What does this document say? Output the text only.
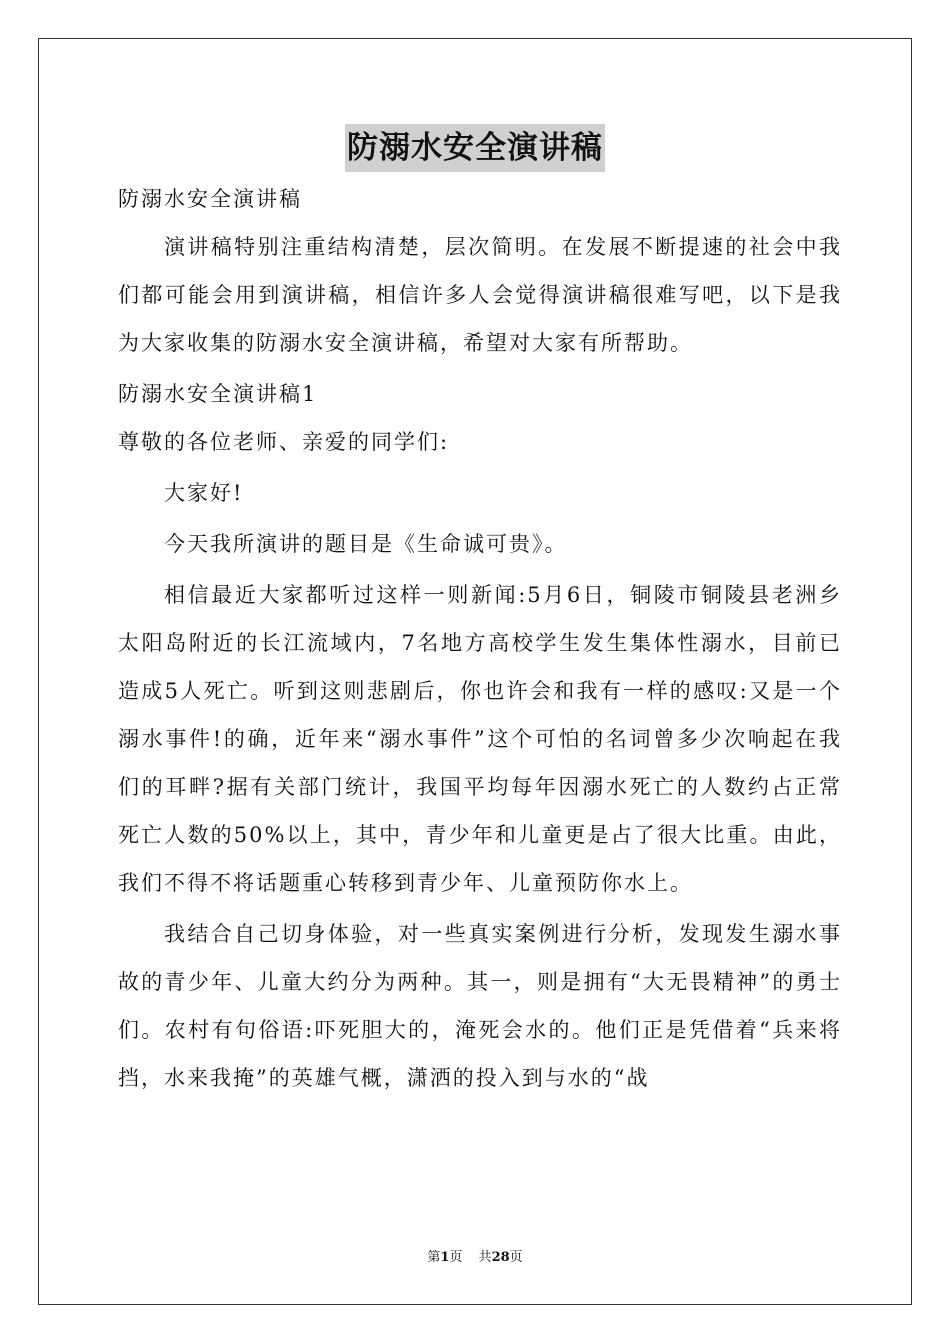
防溺水安全演讲稿
防溺水安全演讲稿

演讲稿特别注重结构清楚，层次简明。在发展不断提速的社会中我们都可能会用到演讲稿，相信许多人会觉得演讲稿很难写吧，以下是我为大家收集的防溺水安全演讲稿，希望对大家有所帮助。

防溺水安全演讲稿1
尊敬的各位老师、亲爱的同学们:

大家好!

今天我所演讲的题目是《生命诚可贵》。

相信最近大家都听过这样一则新闻:5月6日，铜陵市铜陵县老洲乡太阳岛附近的长江流域内，7名地方高校学生发生集体性溺水，目前已造成5人死亡。听到这则悲剧后，你也许会和我有一样的感叹:又是一个溺水事件!的确，近年来“溺水事件”这个可怕的名词曾多少次响起在我们的耳畔?据有关部门统计，我国平均每年因溺水死亡的人数约占正常死亡人数的50%以上，其中，青少年和儿童更是占了很大比重。由此，我们不得不将话题重心转移到青少年、儿童预防你水上。

我结合自己切身体验，对一些真实案例进行分析，发现发生溺水事故的青少年、儿童大约分为两种。其一，则是拥有“大无畏精神”的勇士们。农村有句俗语:吓死胆大的，淹死会水的。他们正是凭借着“兵来将挡，水来我掩”的英雄气概，潇洒的投入到与水的“战

第1页 共28页
